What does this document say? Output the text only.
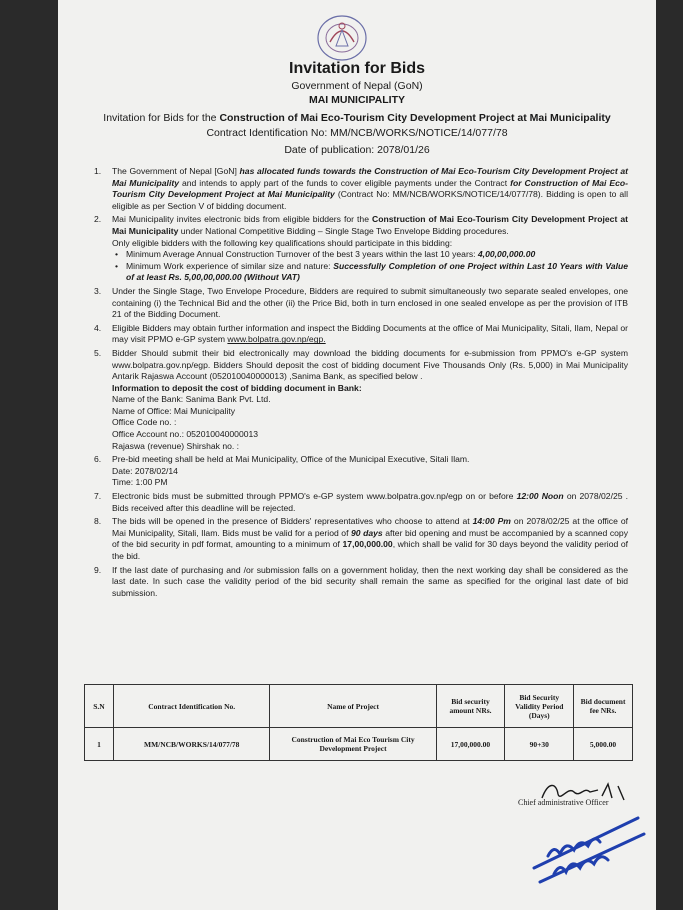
Invitation for Bids
Government of Nepal (GoN)
MAI MUNICIPALITY
Invitation for Bids for the Construction of Mai Eco-Tourism City Development Project at Mai Municipality
Contract Identification No: MM/NCB/WORKS/NOTICE/14/077/78
Date of publication: 2078/01/26
1. The Government of Nepal [GoN] has allocated funds towards the Construction of Mai Eco-Tourism City Development Project at Mai Municipality and intends to apply part of the funds to cover eligible payments under the Contract for Construction of Mai Eco-Tourism City Development Project at Mai Municipality (Contract No: MM/NCB/WORKS/NOTICE/14/077/78). Bidding is open to all eligible as per Section V of bidding document.
2. Mai Municipality invites electronic bids from eligible bidders for the Construction of Mai Eco-Tourism City Development Project at Mai Municipality under National Competitive Bidding – Single Stage Two Envelope Bidding procedures.
Only eligible bidders with the following key qualifications should participate in this bidding:
• Minimum Average Annual Construction Turnover of the best 3 years within the last 10 years: 4,00,00,000.00
• Minimum Work experience of similar size and nature: Successfully Completion of one Project within Last 10 Years with Value of at least Rs. 5,00,00,000.00 (Without VAT)
3. Under the Single Stage, Two Envelope Procedure, Bidders are required to submit simultaneously two separate sealed envelopes, one containing (i) the Technical Bid and the other (ii) the Price Bid, both in turn enclosed in one sealed envelope as per the provision of ITB 21 of the Bidding Document.
4. Eligible Bidders may obtain further information and inspect the Bidding Documents at the office of Mai Municipality, Sitali, Ilam, Nepal or may visit PPMO e-GP system www.bolpatra.gov.np/egp.
5. Bidder Should submit their bid electronically may download the bidding documents for e-submission from PPMO's e-GP system www.bolpatra.gov.np/egp. Bidders Should deposit the cost of bidding document Five Thousands Only (Rs. 5,000) in Mai Municipality Antarik Rajaswa Account (052010040000013) ,Sanima Bank, as specified below .
Information to deposit the cost of bidding document in Bank:
Name of the Bank: Sanima Bank Pvt. Ltd.
Name of Office: Mai Municipality
Office Code no. :
Office Account no.: 052010040000013
Rajaswa (revenue) Shirshak no. :
6. Pre-bid meeting shall be held at Mai Municipality, Office of the Municipal Executive, Sitali Ilam.
Date: 2078/02/14
Time: 1:00 PM
7. Electronic bids must be submitted through PPMO's e-GP system www.bolpatra.gov.np/egp on or before 12:00 Noon on 2078/02/25 . Bids received after this deadline will be rejected.
8. The bids will be opened in the presence of Bidders' representatives who choose to attend at 14:00 Pm on 2078/02/25 at the office of Mai Municipality, Sitali, Ilam. Bids must be valid for a period of 90 days after bid opening and must be accompanied by a scanned copy of the bid security in pdf format, amounting to a minimum of 17,00,000.00, which shall be valid for 30 days beyond the validity period of the bid.
9. If the last date of purchasing and /or submission falls on a government holiday, then the next working day shall be considered as the last date. In such case the validity period of the bid security shall remain the same as specified for the original last date of bid submission.
S.N	Contract Identification No.	Name of Project	Bid security amount NRs.	Bid Security Validity Period (Days)	Bid document fee NRs.
1	MM/NCB/WORKS/14/077/78	Construction of Mai Eco Tourism City Development Project	17,00,000.00	90+30	5,000.00
Chief administrative Officer
